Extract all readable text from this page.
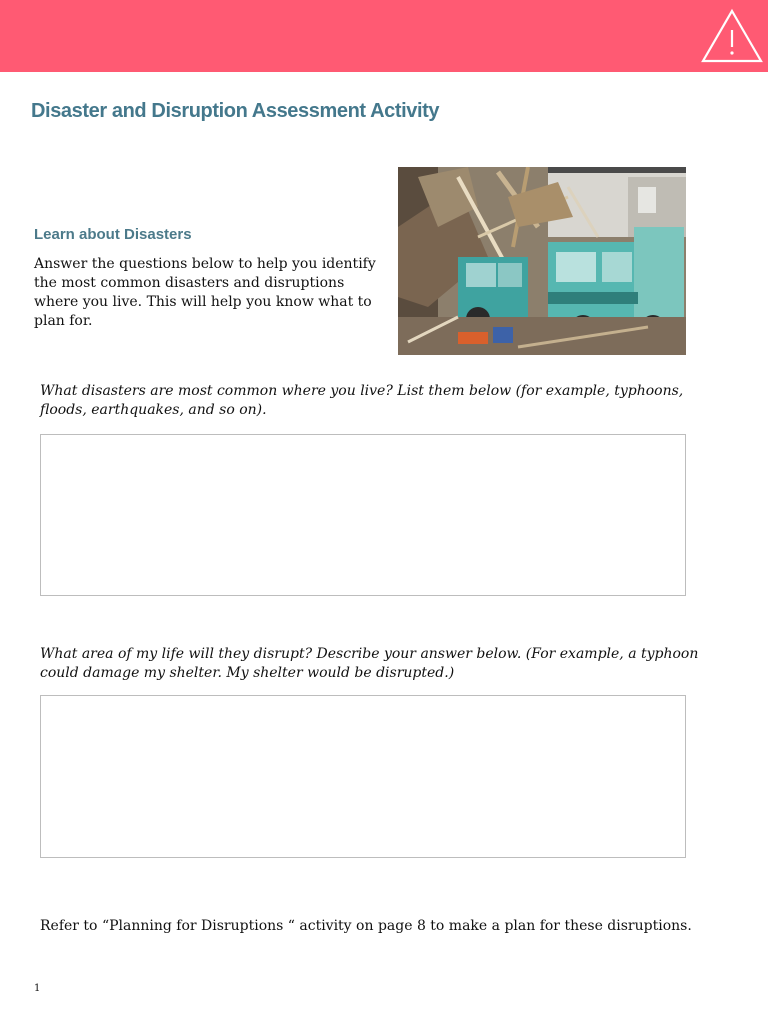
Disaster and Disruption Assessment Activity
Learn about Disasters

Answer the questions below to help you identify the most common disasters and disruptions where you live. This will help you know what to plan for.

What disasters are most common where you live? List them below (for example, typhoons, floods, earthquakes, and so on).

What area of my life will they disrupt? Describe your answer below. (For example, a typhoon could damage my shelter. My shelter would be disrupted.)

Refer to “Planning for Disruptions “ activity on page 8 to make a plan for these disruptions.

1
